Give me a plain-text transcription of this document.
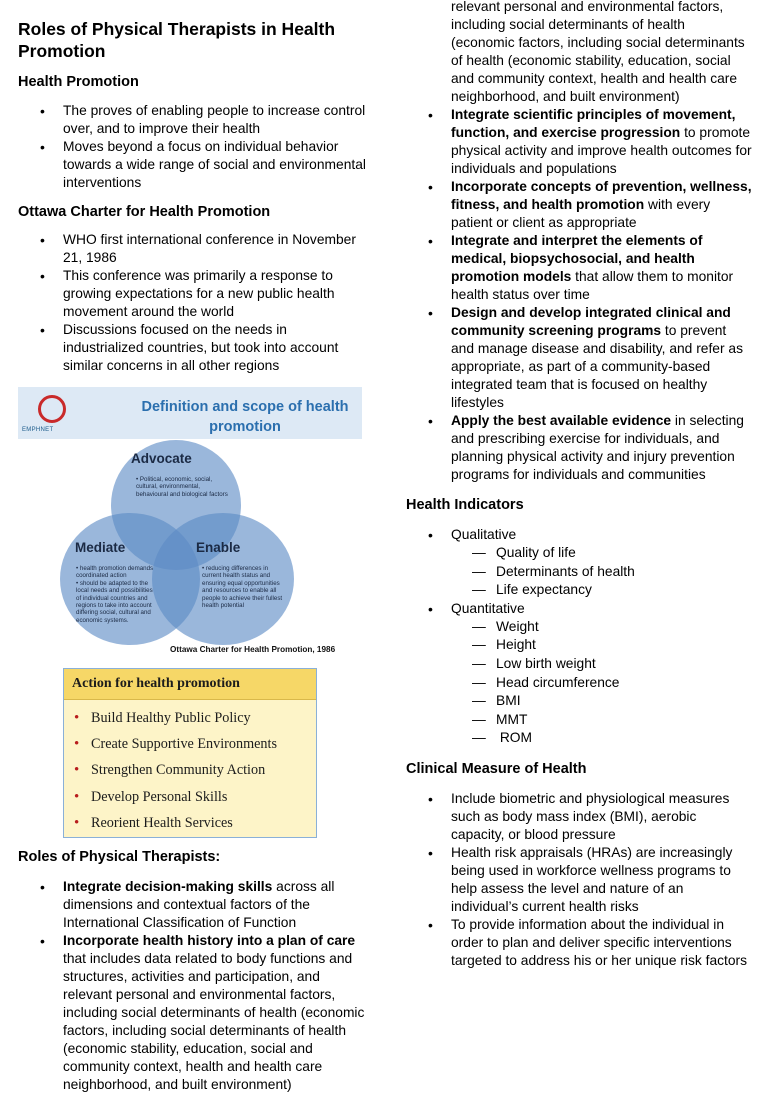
Roles of Physical Therapists in Health Promotion
Health Promotion
• The proves of enabling people to increase control over, and to improve their health
• Moves beyond a focus on individual behavior towards a wide range of social and environmental interventions
Ottawa Charter for Health Promotion
• WHO first international conference in November 21, 1986
• This conference was primarily a response to growing expectations for a new public health movement around the world
• Discussions focused on the needs in industrialized countries, but took into account similar concerns in all other regions
EMPHNET
Definition and scope of health promotion
Advocate
• Political, economic, social, cultural, environmental, behavioural and biological factors
Mediate
• health promotion demands coordinated action
• should be adapted to the local needs and possibilities of individual countries and regions to take into account differing social, cultural and economic systems.
Enable
• reducing differences in current health status and ensuring equal opportunities and resources to enable all people to achieve their fullest health potential
Ottawa Charter for Health Promotion, 1986
Action for health promotion
• Build Healthy Public Policy
• Create Supportive Environments
• Strengthen Community Action
• Develop Personal Skills
• Reorient Health Services
Roles of Physical Therapists:
• Integrate decision-making skills across all dimensions and contextual factors of the International Classification of Function
• Incorporate health history into a plan of care that includes data related to body functions and structures, activities and participation, and relevant personal and environmental factors, including social determinants of health (economic factors, including social determinants of health (economic stability, education, social and community context, health and health care neighborhood, and built environment)
• relevant personal and environmental factors, including social determinants of health (economic factors, including social determinants of health (economic stability, education, social and community context, health and health care neighborhood, and built environment)
• Integrate scientific principles of movement, function, and exercise progression to promote physical activity and improve health outcomes for individuals and populations
• Incorporate concepts of prevention, wellness, fitness, and health promotion with every patient or client as appropriate
• Integrate and interpret the elements of medical, biopsychosocial, and health promotion models that allow them to monitor health status over time
• Design and develop integrated clinical and community screening programs to prevent and manage disease and disability, and refer as appropriate, as part of a community-based integrated team that is focused on healthy lifestyles
• Apply the best available evidence in selecting and prescribing exercise for individuals, and planning physical activity and injury prevention programs for individuals and communities
Health Indicators
• Qualitative
— Quality of life
— Determinants of health
— Life expectancy
• Quantitative
— Weight
— Height
— Low birth weight
— Head circumference
— BMI
— MMT
—  ROM
Clinical Measure of Health
• Include biometric and physiological measures such as body mass index (BMI), aerobic capacity, or blood pressure
• Health risk appraisals (HRAs) are increasingly being used in workforce wellness programs to help assess the level and nature of an individual’s current health risks
• To provide information about the individual in order to plan and deliver specific interventions targeted to address his or her unique risk factors
